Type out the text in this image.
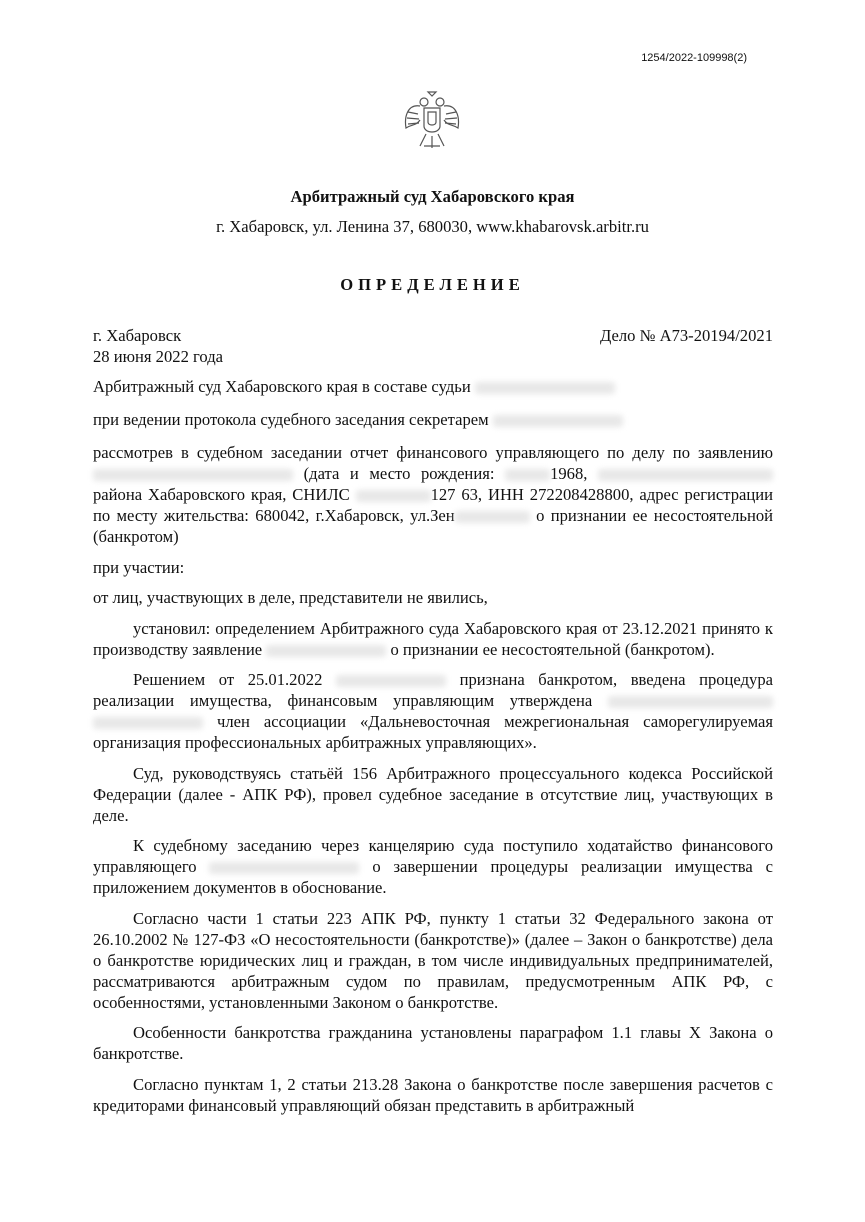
1254/2022-109998(2)
Арбитражный суд Хабаровского края
г. Хабаровск, ул. Ленина 37, 680030, www.khabarovsk.arbitr.ru
ОПРЕДЕЛЕНИЕ
г. Хабаровск	Дело № А73-20194/2021
28 июня 2022 года

Арбитражный суд Хабаровского края в составе судьи

при ведении протокола судебного заседания секретарем

рассмотрев в судебном заседании отчет финансового управляющего по делу по заявлению  (дата и место рождения:	1968,  района Хабаровского края, СНИЛС	127 63, ИНН 272208428800, адрес регистрации по месту жительства: 680042, г.Хабаровск, ул.Зен	о признании ее несостоятельной (банкротом)

при участии:

от лиц, участвующих в деле, представители не явились,

установил: определением Арбитражного суда Хабаровского края от 23.12.2021 принято к производству заявление	о признании ее несостоятельной (банкротом).

Решением от 25.01.2022	признана банкротом, введена процедура реализации имущества, финансовым управляющим утверждена   член ассоциации «Дальневосточная межрегиональная саморегулируемая организация профессиональных арбитражных управляющих».

Суд, руководствуясь статьёй 156 Арбитражного процессуального кодекса Российской Федерации (далее - АПК РФ), провел судебное заседание в отсутствие лиц, участвующих в деле.

К судебному заседанию через канцелярию суда поступило ходатайство финансового управляющего	о завершении процедуры реализации имущества с приложением документов в обоснование.

Согласно части 1 статьи 223 АПК РФ, пункту 1 статьи 32 Федерального закона от 26.10.2002 № 127-ФЗ «О несостоятельности (банкротстве)» (далее – Закон о банкротстве) дела о банкротстве юридических лиц и граждан, в том числе индивидуальных предпринимателей, рассматриваются арбитражным судом по правилам, предусмотренным АПК РФ, с особенностями, установленными Законом о банкротстве.

Особенности банкротства гражданина установлены параграфом 1.1 главы X Закона о банкротстве.

Согласно пунктам 1, 2 статьи 213.28 Закона о банкротстве после завершения расчетов с кредиторами финансовый управляющий обязан представить в арбитражный
